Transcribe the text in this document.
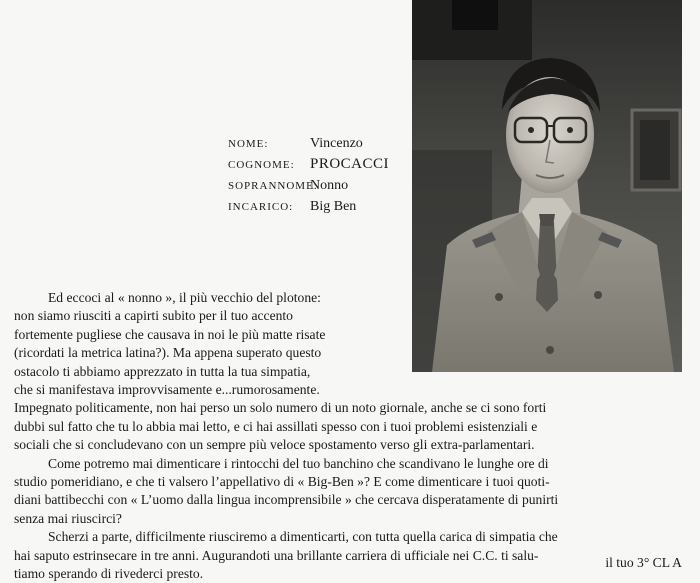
NOME:	Vincenzo
COGNOME: PROCACCI
SOPRANNOME:
Nonno
INCARICO: Big Ben
Ed eccoci al « nonno », il più vecchio del plotone:
non siamo riusciti a capirti subito per il tuo accento
fortemente pugliese che causava in noi le più matte risate
(ricordati la metrica latina?). Ma appena superato questo
ostacolo ti abbiamo apprezzato in tutta la tua simpatia,
che si manifestava improvvisamente e...rumorosamente.
Impegnato politicamente, non hai perso un solo numero di un noto giornale, anche se ci sono forti
dubbi sul fatto che tu lo abbia mai letto, e ci hai assillati spesso con i tuoi problemi esistenziali e
sociali che si concludevano con un sempre più veloce spostamento verso gli extra-parlamentari.
Come potremo mai dimenticare i rintocchi del tuo banchino che scandivano le lunghe ore di
studio pomeridiano, e che ti valsero l’appellativo di « Big-Ben »? E come dimenticare i tuoi quoti-
diani battibecchi con « L’uomo dalla lingua incomprensibile » che cercava disperatamente di punirti
senza mai riuscirci?
Scherzi a parte, difficilmente riusciremo a dimenticarti, con tutta quella carica di simpatia che
hai saputo estrinsecare in tre anni. Augurandoti una brillante carriera di ufficiale nei C.C. ti salu-
tiamo sperando di rivederci presto.
il tuo 3° CL A
